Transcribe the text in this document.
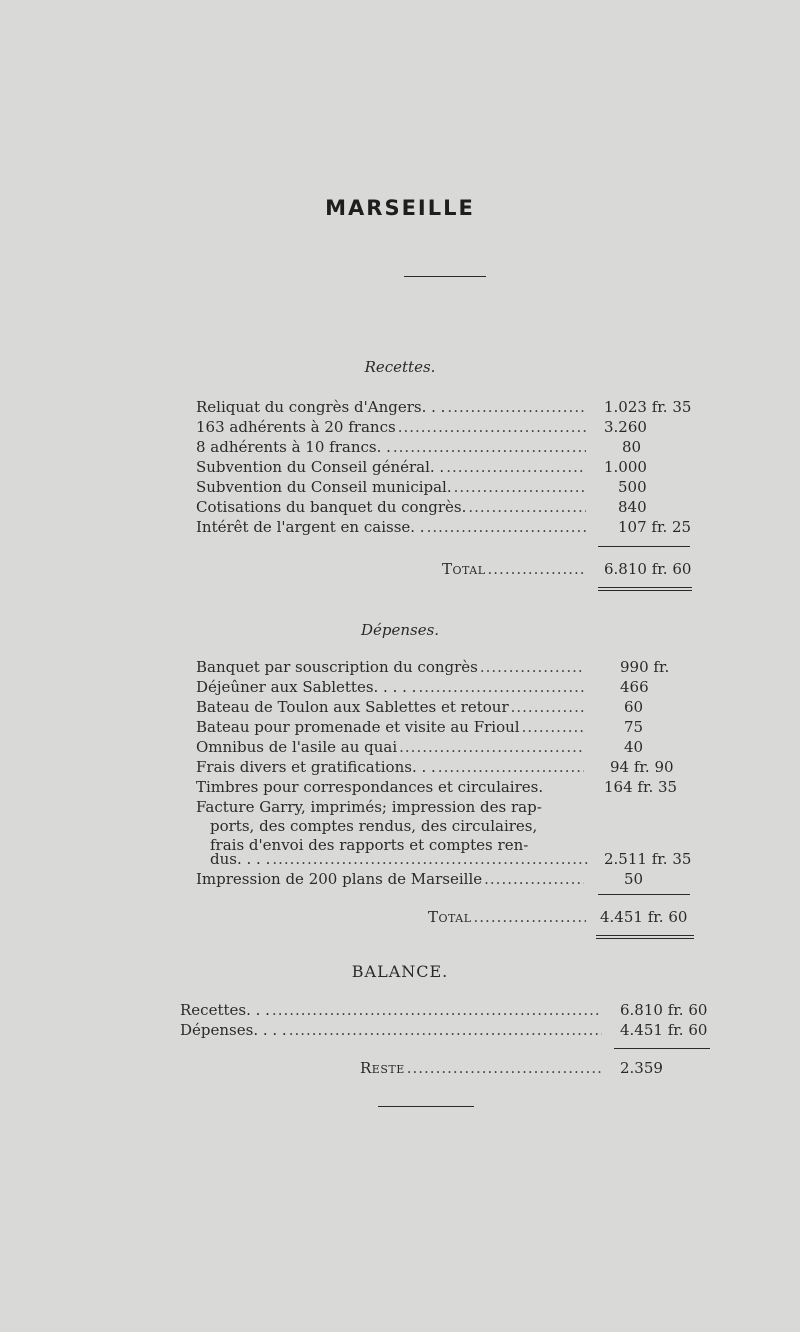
MARSEILLE
Recettes.
Reliquat du congrès d'Angers. . . .....	1.023 fr. 35
163 adhérents à 20 francs .....	3.260
8 adhérents à 10 francs. . .....	80
Subvention du Conseil général. . .....	1.000
Subvention du Conseil municipal. .....	500
Cotisations du banquet du congrès. .....	840
Intérêt de l'argent en caisse. . .....	107 fr. 25
Total .....	6.810 fr. 60
Dépenses.
Banquet par souscription du congrès .....	990 fr.
Déjeûner aux Sablettes. . . . . .....	466
Bateau de Toulon aux Sablettes et retour .....	60
Bateau pour promenade et visite au Frioul .....	75
Omnibus de l'asile au quai .....	40
Frais divers et gratifications. . . .....	94 fr. 90
Timbres pour correspondances et circulaires.	164 fr. 35
Facture Garry, imprimés; impression des rap-
ports, des comptes rendus, des circulaires,
frais d'envoi des rapports et comptes ren-
dus. . . . .....	2.511 fr. 35
Impression de 200 plans de Marseille .....	50
Total .....	4.451 fr. 60
BALANCE.
Recettes. . . .....	6.810 fr. 60
Dépenses. . . . .....	4.451 fr. 60
Reste .....	2.359
